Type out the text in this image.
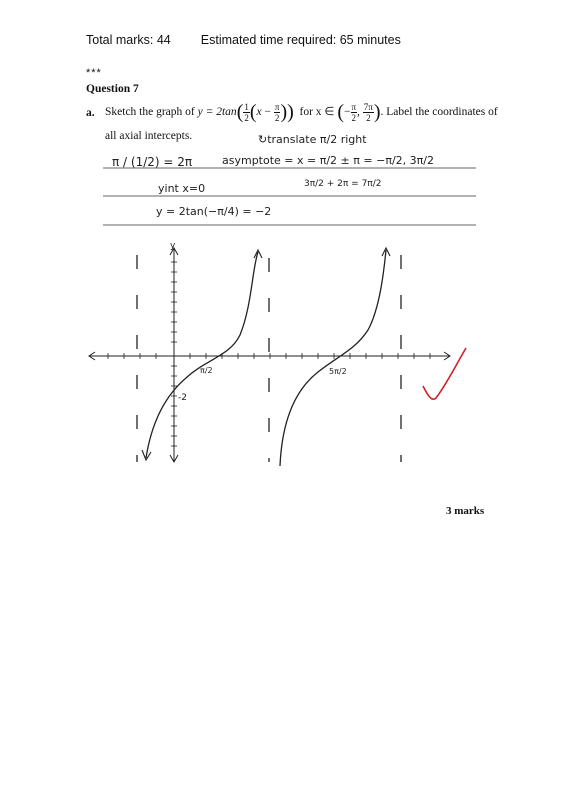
Total marks: 44 Estimated time required: 65 minutes
***
Question 7
a. Sketch the graph of $y = 2\tan( \frac{1}{2} (x - \frac{\pi}{2}$ )) for x ∈ (− $\frac{\pi}{2}$ , $\frac{7\pi}{2}$ ). Label the coordinates of
all axial intercepts.	↻translate π/2 right
π / (1/2) = 2π	asymptote = x = π/2 ± π = −π/2, 3π/2
3π/2 + 2π = 7π/2
yint x=0
y = 2tan(−π/4) = −2
y
π/2	5π/2
-2
3 marks
